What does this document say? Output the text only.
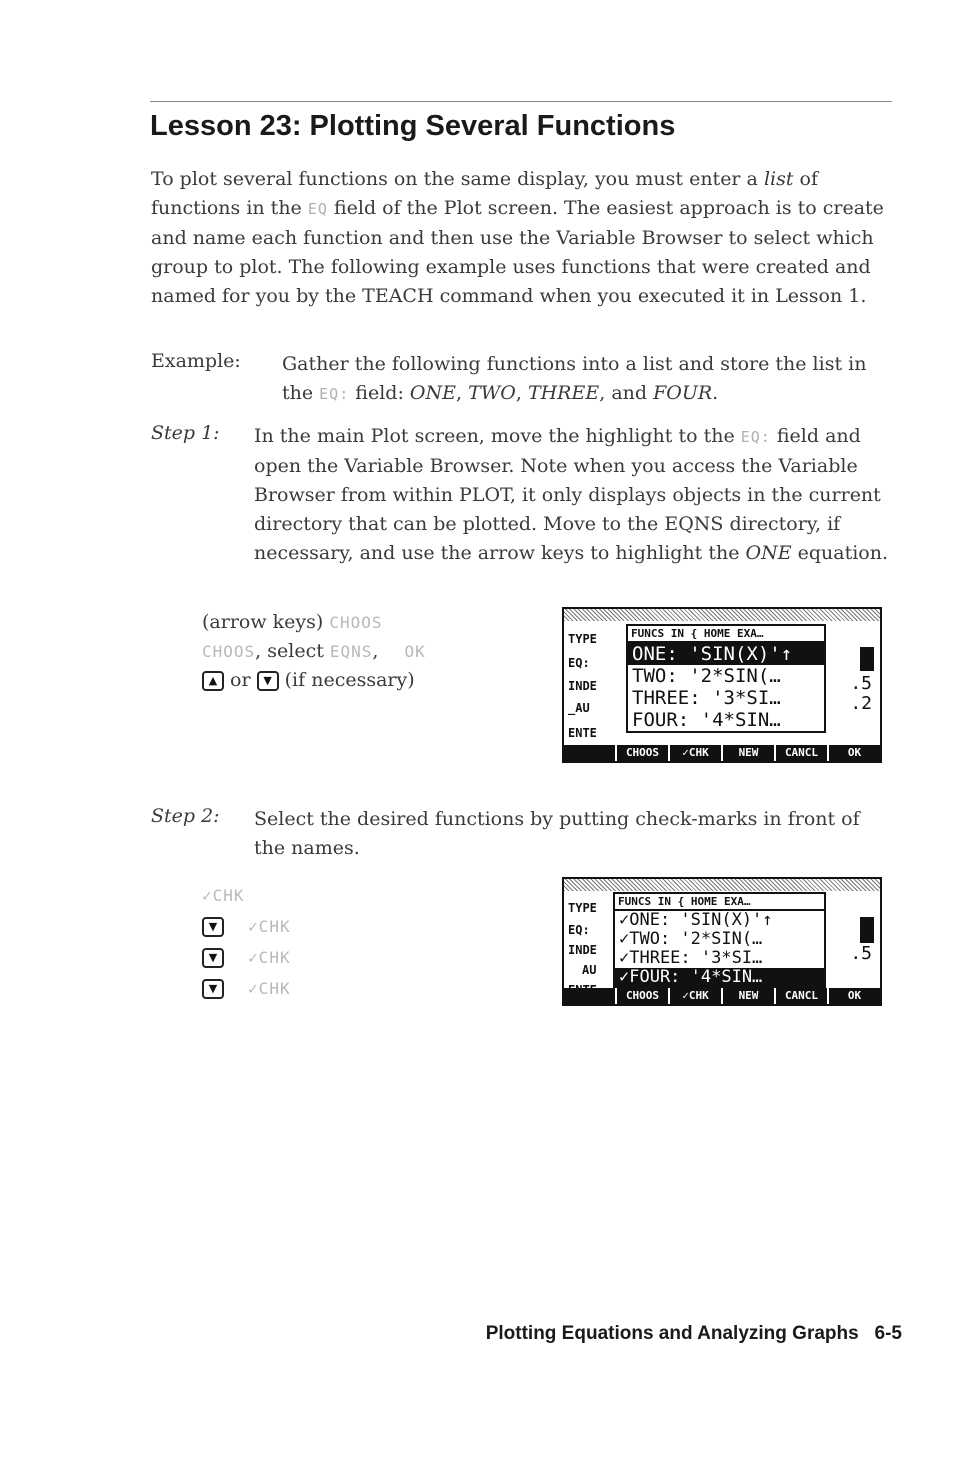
Lesson 23: Plotting Several Functions
To plot several functions on the same display, you must enter a list of functions in the EQ field of the Plot screen. The easiest approach is to create and name each function and then use the Variable Browser to select which group to plot. The following example uses functions that were created and named for you by the TEACH command when you executed it in Lesson 1.
Example: Gather the following functions into a list and store the list in the EQ: field: ONE, TWO, THREE, and FOUR.
Step 1: In the main Plot screen, move the highlight to the EQ: field and open the Variable Browser. Note when you access the Variable Browser from within PLOT, it only displays objects in the current directory that can be plotted. Move to the EQNS directory, if necessary, and use the arrow keys to highlight the ONE equation.
(arrow keys) CHOOS
CHOOS, select EQNS, OK
▲ or ▼ (if necessary)
TYPE
EQ:
INDE
_AU
ENTE
.5
.2
FUNCS IN { HOME EXA…
ONE: 'SIN(X)'↑
TWO: '2*SIN(…
THREE: '3*SI…
FOUR: '4*SIN…
CHOOS	✓CHK	NEW	CANCL	OK
Step 2: Select the desired functions by putting check-marks in front of the names.
✓CHK
▼ ✓CHK
▼ ✓CHK
▼ ✓CHK
TYPE
EQ:
INDE
AU
.5
FUNCS IN { HOME EXA…
✓ONE: 'SIN(X)'↑
✓TWO: '2*SIN(…
✓THREE: '3*SI…
✓FOUR: '4*SIN…
CHOOS	✓CHK	NEW	CANCL	OK
Plotting Equations and Analyzing Graphs 6-5
